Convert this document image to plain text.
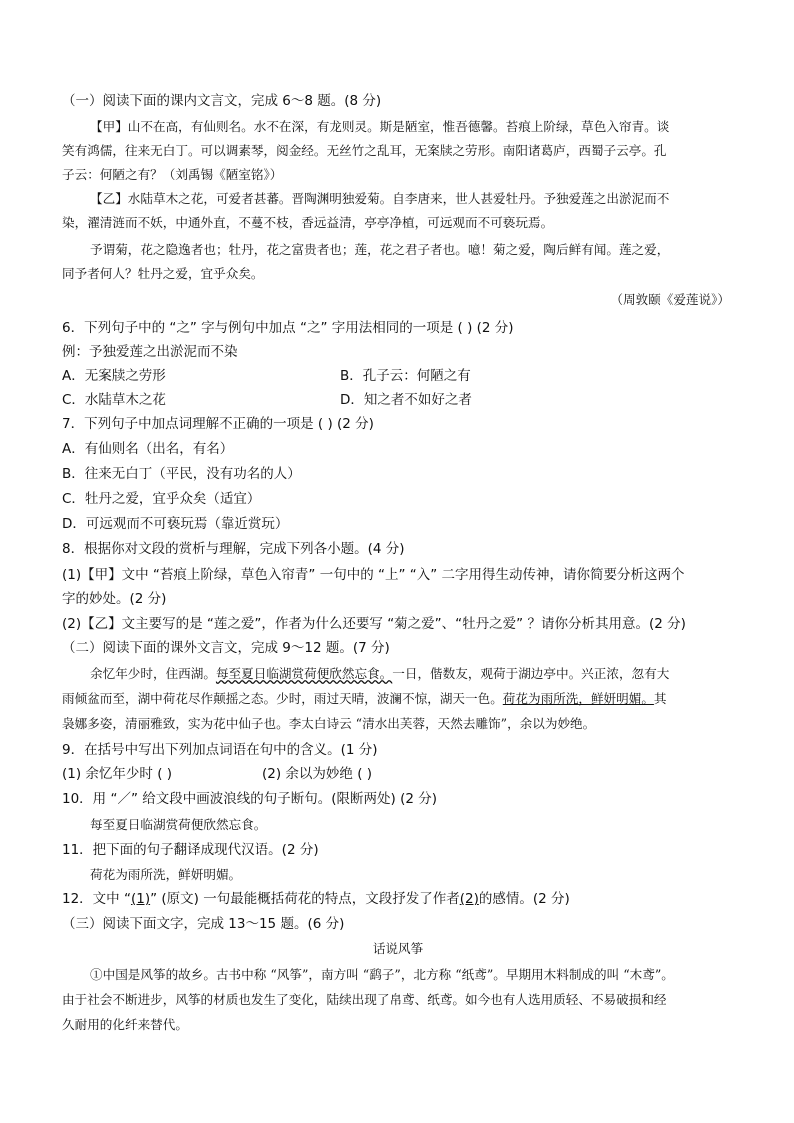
（一）阅读下面的课内文言文，完成 6～8 题。(8 分)
【甲】山不在高，有仙则名。水不在深，有龙则灵。斯是陋室，惟吾德馨。苔痕上阶绿，草色入帘青。谈
笑有鸿儒，往来无白丁。可以调素琴，阅金经。无丝竹之乱耳，无案牍之劳形。南阳诸葛庐，西蜀子云亭。孔
子云：何陋之有？（刘禹锡《陋室铭》）
【乙】水陆草木之花，可爱者甚蕃。晋陶渊明独爱菊。自李唐来，世人甚爱牡丹。予独爱莲之出淤泥而不
染，濯清涟而不妖，中通外直，不蔓不枝，香远益清，亭亭净植，可远观而不可亵玩焉。
予谓菊，花之隐逸者也；牡丹，花之富贵者也；莲，花之君子者也。噫！菊之爱，陶后鲜有闻。莲之爱，
同予者何人？牡丹之爱，宜乎众矣。
（周敦颐《爱莲说》）
6．下列句子中的 “之” 字与例句中加点 “之” 字用法相同的一项是 ( ) (2 分)
例：予独爱莲之出淤泥而不染
A．无案牍之劳形	B．孔子云：何陋之有
C．水陆草木之花	D．知之者不如好之者
7．下列句子中加点词理解不正确的一项是 ( ) (2 分)
A．有仙则名（出名，有名）
B．往来无白丁（平民，没有功名的人）
C．牡丹之爱，宜乎众矣（适宜）
D．可远观而不可亵玩焉（靠近赏玩）
8．根据你对文段的赏析与理解，完成下列各小题。(4 分)
(1)【甲】文中 “苔痕上阶绿，草色入帘青” 一句中的 “上” “入” 二字用得生动传神，请你简要分析这两个
字的妙处。(2 分)
(2)【乙】文主要写的是 “莲之爱”，作者为什么还要写 “菊之爱”、“牡丹之爱” ？请你分析其用意。(2 分)
（二）阅读下面的课外文言文，完成 9～12 题。(7 分)
余忆年少时，住西湖。每至夏日临湖赏荷便欣然忘食。一日，偕数友，观荷于湖边亭中。兴正浓，忽有大
雨倾盆而至，湖中荷花尽作颠摇之态。少时，雨过天晴，波澜不惊，湖天一色。荷花为雨所洗，鲜妍明媚。其
袅娜多姿，清丽雅致，实为花中仙子也。李太白诗云 “清水出芙蓉，天然去雕饰”，余以为妙绝。
9．在括号中写出下列加点词语在句中的含义。(1 分)
(1) 余忆年少时 ( )	(2) 余以为妙绝 ( )
10．用 “／” 给文段中画波浪线的句子断句。(限断两处) (2 分)
每至夏日临湖赏荷便欣然忘食。
11．把下面的句子翻译成现代汉语。(2 分)
荷花为雨所洗，鲜妍明媚。
12．文中 “(1)” (原文) 一句最能概括荷花的特点，文段抒发了作者(2)的感情。(2 分)
（三）阅读下面文字，完成 13～15 题。(6 分)
话说风筝
①中国是风筝的故乡。古书中称 “风筝”，南方叫 “鹞子”，北方称 “纸鸢”。早期用木料制成的叫 “木鸢”。
由于社会不断进步，风筝的材质也发生了变化，陆续出现了帛鸢、纸鸢。如今也有人选用质轻、不易破损和经
久耐用的化纤来替代。
